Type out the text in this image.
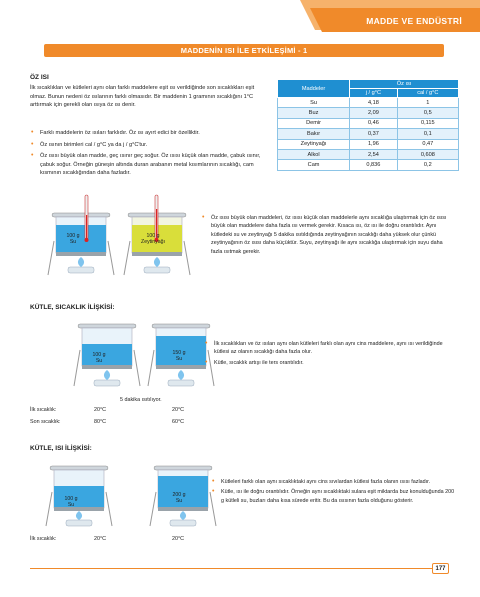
MADDE VE ENDÜSTRİ
MADDENİN ISI İLE ETKİLEŞİMİ - 1
ÖZ ISI

İlk sıcaklıkları ve kütleleri aynı olan farklı maddelere eşit ısı verildiğinde son sıcaklıkları eşit olmaz. Bunun nedeni öz ısılarının farklı olmasıdır. Bir maddenin 1 gramının sıcaklığını 1°C arttırmak için gerekli olan ısıya öz ısı denir.

• Farklı maddelerin öz ısıları farklıdır. Öz ısı ayırt edici bir özelliktir.
• Öz ısının birimleri cal / g°C ya da j / g°C'tur.
• Öz ısısı büyük olan madde, geç ısınır geç soğur. Öz ısısı küçük olan madde, çabuk ısınır, çabuk soğur. Örneğin güneşin altında duran arabanın metal kısımlarının sıcaklığı, cam kısmının sıcaklığından daha fazladır.
Maddeler	Öz ısı	
	j / g°C	cal / g°C
Su	4,18	1
Buz	2,09	0,5
Demir	0,46	0,115
Bakır	0,37	0,1
Zeytinyağı	1,96	0,47
Alkol	2,54	0,608
Cam	0,836	0,2
100 g
Su
100 g
Zeytinyağı
• Öz ısısı büyük olan maddeleri, öz ısısı küçük olan maddelerle aynı sıcaklığa ulaştırmak için öz ısısı büyük olan maddelere daha fazla ısı vermek gerekir. Kısaca ısı, öz ısı ile doğru orantılıdır. Aynı kütledeki su ve zeytinyağı 5 dakika ısıtıldığında zeytinyağının sıcaklığı daha yüksek olur çünkü zeytinyağının öz ısısı daha küçüktür. Suyu, zeytinyağı ile aynı sıcaklığa ulaştırmak için suyu daha fazla ısıtmak gerekir.
KÜTLE, SICAKLIK İLİŞKİSİ:
100 g
Su
150 g
Su
• İlk sıcaklıkları ve öz ısıları aynı olan kütleleri farklı olan aynı cins maddelere, aynı ısı verildiğinde kütlesi az olanın sıcaklığı daha fazla olur.
• Kütle, sıcaklık artışı ile ters orantılıdır.
5 dakika ısıtılıyor.
İlk sıcaklık:	20°C	20°C
Son sıcaklık:	80°C	60°C
KÜTLE, ISI İLİŞKİSİ:
100 g
Su
200 g
Su
• Kütleleri farklı olan aynı sıcaklıktaki aynı cins sıvılardan kütlesi fazla olanın ısısı fazladır.
• Kütle, ısı ile doğru orantılıdır. Örneğin aynı sıcaklıktaki sulara eşit miktarda buz konulduğunda 200 g kütleli su, buzları daha kısa sürede eritir. Bu da ısısının fazla olduğunu gösterir.
İlk sıcaklık:	20°C	20°C
177
